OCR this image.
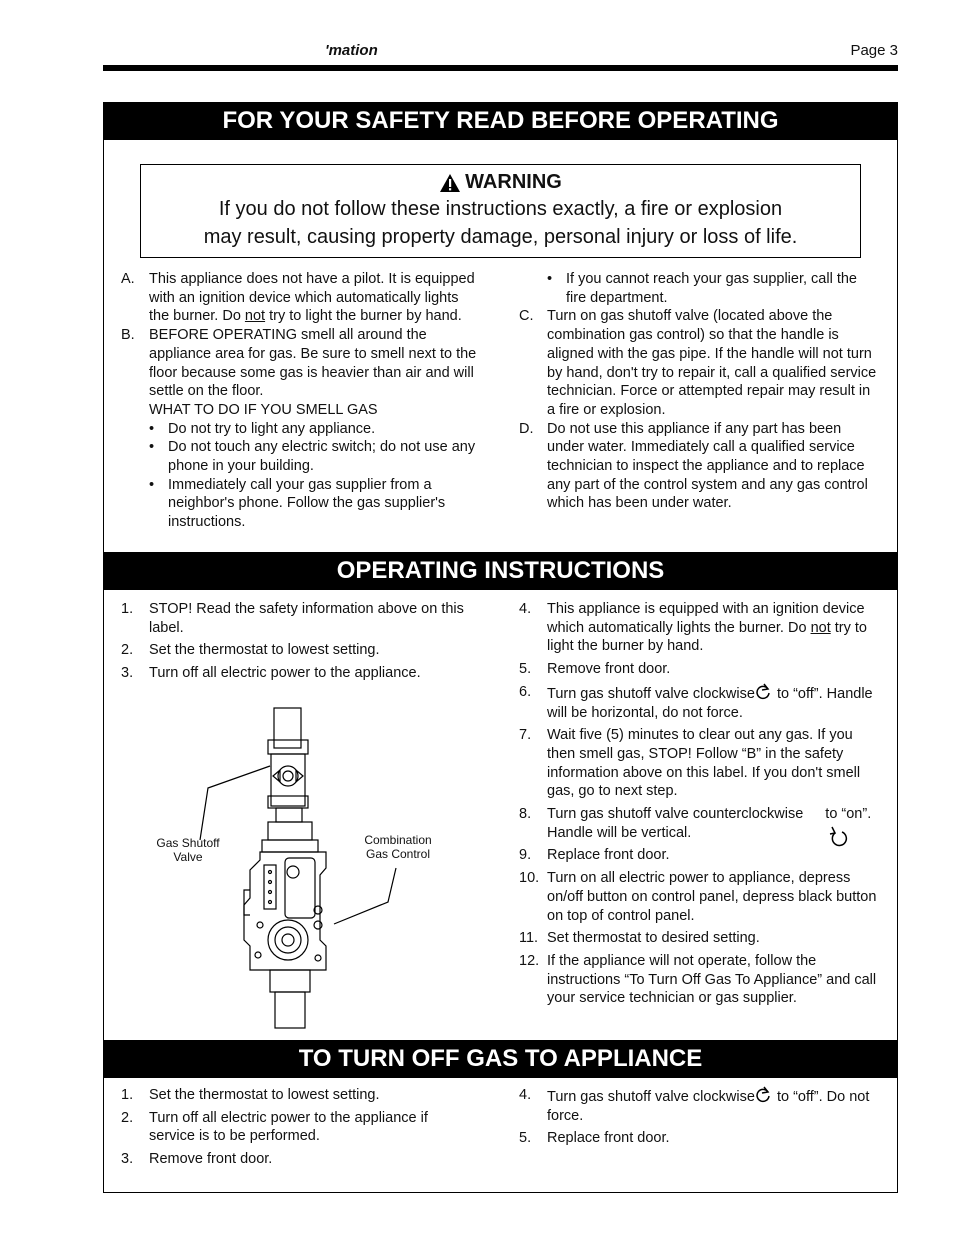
'mation	Page 3
FOR YOUR SAFETY READ BEFORE OPERATING
WARNING
If you do not follow these instructions exactly, a fire or explosion
may result, causing property damage, personal injury or loss of life.
A. This appliance does not have a pilot. It is equipped with an ignition device which automatically lights the burner. Do not try to light the burner by hand.
B. BEFORE OPERATING smell all around the appliance area for gas. Be sure to smell next to the floor because some gas is heavier than air and will settle on the floor.
WHAT TO DO IF YOU SMELL GAS
• Do not try to light any appliance.
• Do not touch any electric switch; do not use any phone in your building.
• Immediately call your gas supplier from a neighbor's phone. Follow the gas supplier's instructions.
• If you cannot reach your gas supplier, call the fire department.
C. Turn on gas shutoff valve (located above the combination gas control) so that the handle is aligned with the gas pipe. If the handle will not turn by hand, don't try to repair it, call a qualified service technician. Force or attempted repair may result in a fire or explosion.
D. Do not use this appliance if any part has been under water. Immediately call a qualified service technician to inspect the appliance and to replace any part of the control system and any gas control which has been under water.
OPERATING INSTRUCTIONS
1.	STOP! Read the safety information above on this label.
2.	Set the thermostat to lowest setting.
3.	Turn off all electric power to the appliance.
Gas Shutoff Valve
Combination Gas Control
4.	This appliance is equipped with an ignition device which automatically lights the burner. Do not try to light the burner by hand.
5.	Remove front door.
6.	Turn gas shutoff valve clockwise to “off”. Handle will be horizontal, do not force.
7.	Wait five (5) minutes to clear out any gas. If you then smell gas, STOP! Follow “B” in the safety information above on this label. If you don't smell gas, go to next step.
8.	Turn gas shutoff valve counterclockwise to “on”. Handle will be vertical.
9.	Replace front door.
10. Turn on all electric power to appliance, depress on/off button on control panel, depress black button on top of control panel.
11. Set thermostat to desired setting.
12. If the appliance will not operate, follow the instructions “To Turn Off Gas To Appliance” and call your service technician or gas supplier.
TO TURN OFF GAS TO APPLIANCE
1.	Set the thermostat to lowest setting.
2.	Turn off all electric power to the appliance if service is to be performed.
3.	Remove front door.
4.	Turn gas shutoff valve clockwise to “off”. Do not force.
5.	Replace front door.
